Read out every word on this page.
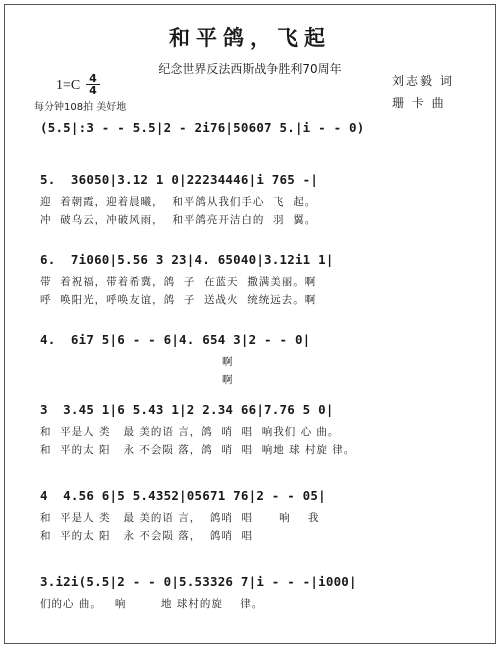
和平鸽，飞起
纪念世界反法西斯战争胜利70周年
1=C 4
4
每分钟108拍 美好地
刘志毅 词
珊 卡 曲
(5.5|:3 - - 5.5|2 - 2i76|50607 5.|i - - 0)
5.  36050|3.12 1 0|22234446|i 765 -|
迎  着朝霞，迎着晨曦，  和平鸽从我们手心  飞  起。
冲  破乌云，冲破风雨，  和平鸽亮开洁白的  羽  翼。
6.  7i060|5.56 3 23|4. 65040|3.12i1 1|
带  着祝福，带着希冀，鸽  子  在蓝天  撒满美丽。啊
呼  唤阳光，呼唤友谊，鸽  子  送战火  统统远去。啊
4.  6i7 5|6 - - 6|4. 654 3|2 - - 0|
啊
啊
3  3.45 1|6 5.43 1|2 2.34 66|7.76 5 0|
和  平是人 类   最 美的语 言，鸽  哨  唱  响我们 心 曲。
和  平的太 阳   永 不会陨 落，鸽  哨  唱  响地 球 村旋 律。
4  4.56 6|5 5.4352|05671 76|2 - - 05|
和  平是人 类   最 美的语 言，  鸽哨  唱      响    我
和  平的太 阳   永 不会陨 落，  鸽哨  唱
3.i2i(5.5|2 - - 0|5.53326 7|i - - -|i000|
们的心 曲。   响        地 球村的旋    律。
